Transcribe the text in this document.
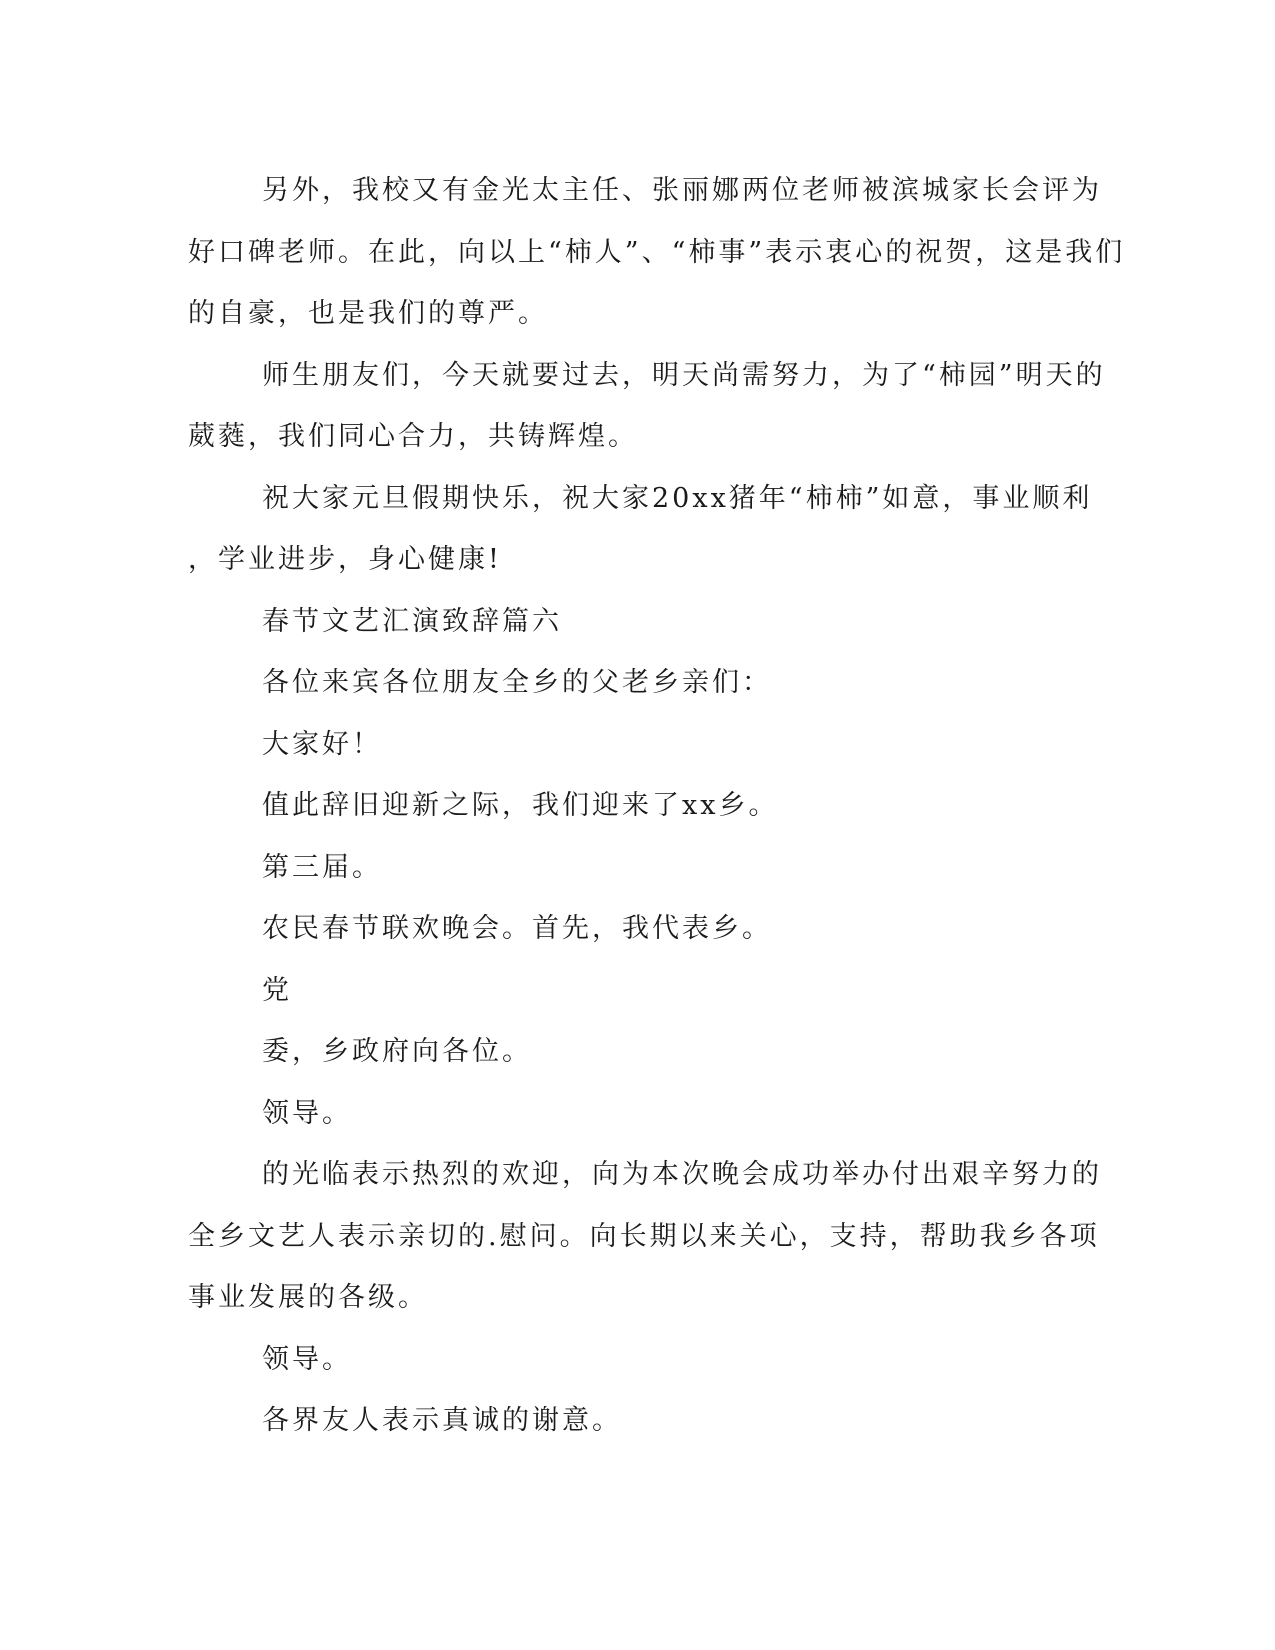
另外，我校又有金光太主任、张丽娜两位老师被滨城家长会评为

好口碑老师。在此，向以上“柿人”、“柿事”表示衷心的祝贺，这是我们

的自豪，也是我们的尊严。

师生朋友们，今天就要过去，明天尚需努力，为了“柿园”明天的

葳蕤，我们同心合力，共铸辉煌。

祝大家元旦假期快乐，祝大家20xx猪年“柿柿”如意，事业顺利

，学业进步，身心健康!

春节文艺汇演致辞篇六

各位来宾各位朋友全乡的父老乡亲们：

大家好！

值此辞旧迎新之际，我们迎来了xx乡。

第三届。

农民春节联欢晚会。首先，我代表乡。

党

委，乡政府向各位。

领导。

的光临表示热烈的欢迎，向为本次晚会成功举办付出艰辛努力的

全乡文艺人表示亲切的.慰问。向长期以来关心，支持，帮助我乡各项

事业发展的各级。

领导。

各界友人表示真诚的谢意。
